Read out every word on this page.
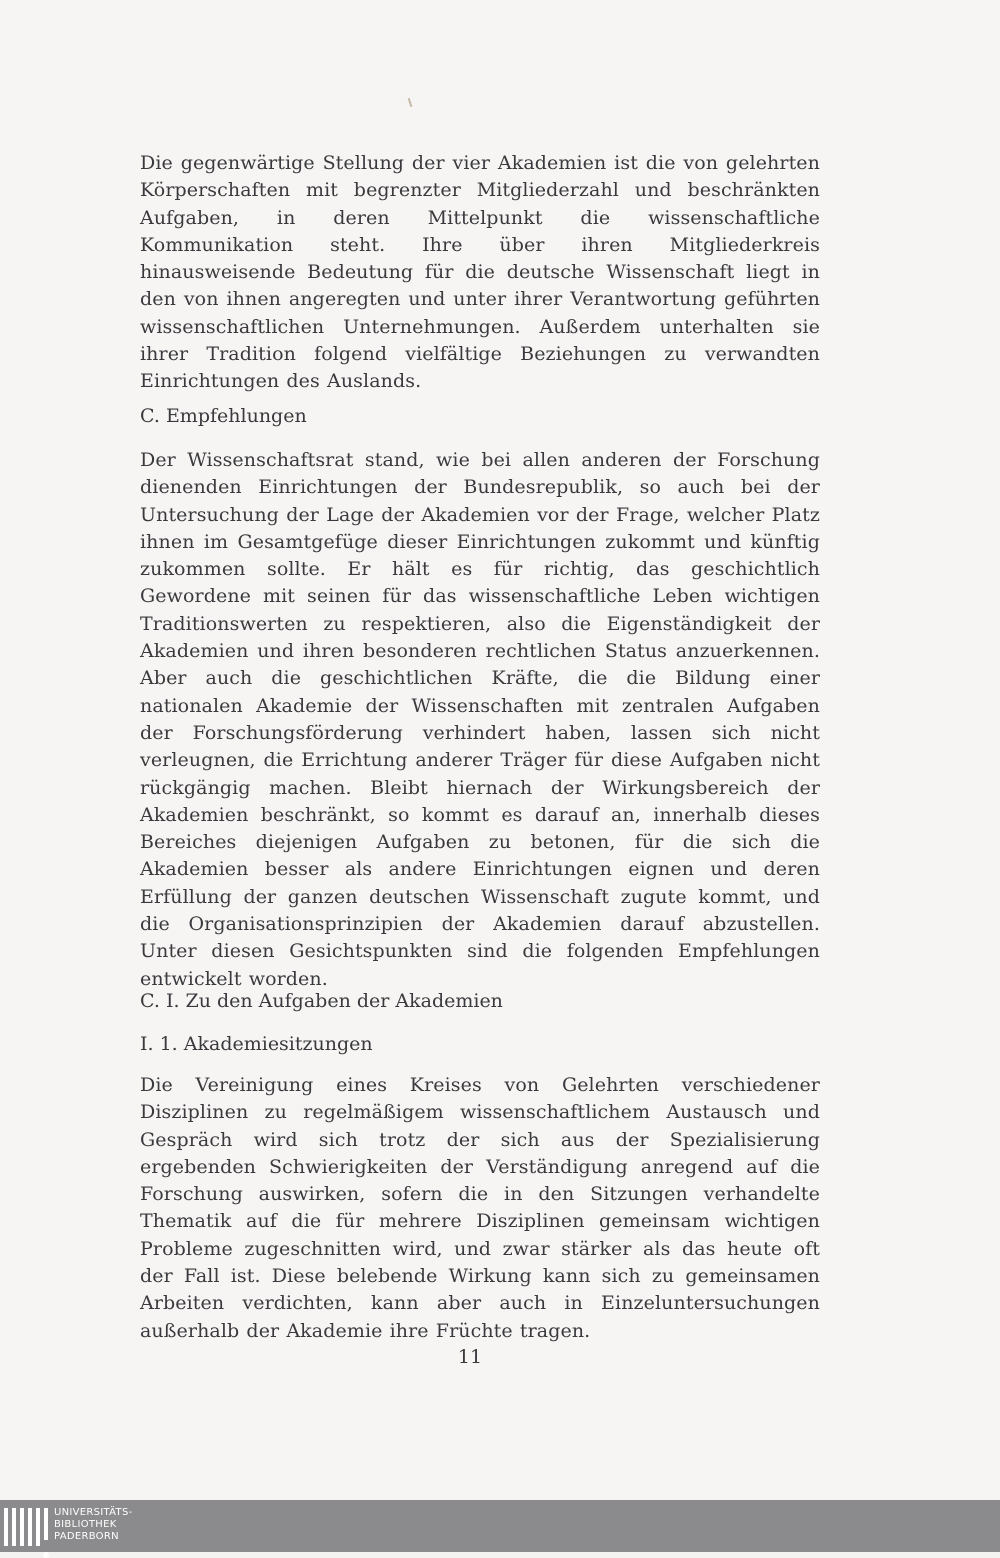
Die gegenwärtige Stellung der vier Akademien ist die von gelehrten Körperschaften mit begrenzter Mitgliederzahl und beschränkten Aufgaben, in deren Mittelpunkt die wissenschaftliche Kommunikation steht. Ihre über ihren Mitgliederkreis hinausweisende Bedeutung für die deutsche Wissenschaft liegt in den von ihnen angeregten und unter ihrer Verantwortung geführten wissenschaftlichen Unternehmungen. Außerdem unterhalten sie ihrer Tradition folgend vielfältige Beziehungen zu verwandten Einrichtungen des Auslands.
C. Empfehlungen
Der Wissenschaftsrat stand, wie bei allen anderen der Forschung dienenden Einrichtungen der Bundesrepublik, so auch bei der Untersuchung der Lage der Akademien vor der Frage, welcher Platz ihnen im Gesamtgefüge dieser Einrichtungen zukommt und künftig zukommen sollte. Er hält es für richtig, das geschichtlich Gewordene mit seinen für das wissenschaftliche Leben wichtigen Traditionswerten zu respektieren, also die Eigenständigkeit der Akademien und ihren besonderen rechtlichen Status anzuerkennen. Aber auch die geschichtlichen Kräfte, die die Bildung einer nationalen Akademie der Wissenschaften mit zentralen Aufgaben der Forschungsförderung verhindert haben, lassen sich nicht verleugnen, die Errichtung anderer Träger für diese Aufgaben nicht rückgängig machen. Bleibt hiernach der Wirkungsbereich der Akademien beschränkt, so kommt es darauf an, innerhalb dieses Bereiches diejenigen Aufgaben zu betonen, für die sich die Akademien besser als andere Einrichtungen eignen und deren Erfüllung der ganzen deutschen Wissenschaft zugute kommt, und die Organisationsprinzipien der Akademien darauf abzustellen. Unter diesen Gesichtspunkten sind die folgenden Empfehlungen entwickelt worden.
C. I. Zu den Aufgaben der Akademien
I. 1. Akademiesitzungen
Die Vereinigung eines Kreises von Gelehrten verschiedener Disziplinen zu regelmäßigem wissenschaftlichem Austausch und Gespräch wird sich trotz der sich aus der Spezialisierung ergebenden Schwierigkeiten der Verständigung anregend auf die Forschung auswirken, sofern die in den Sitzungen verhandelte Thematik auf die für mehrere Disziplinen gemeinsam wichtigen Probleme zugeschnitten wird, und zwar stärker als das heute oft der Fall ist. Diese belebende Wirkung kann sich zu gemeinsamen Arbeiten verdichten, kann aber auch in Einzeluntersuchungen außerhalb der Akademie ihre Früchte tragen.
11
UNIVERSITÄTS-
BIBLIOTHEK
PADERBORN
